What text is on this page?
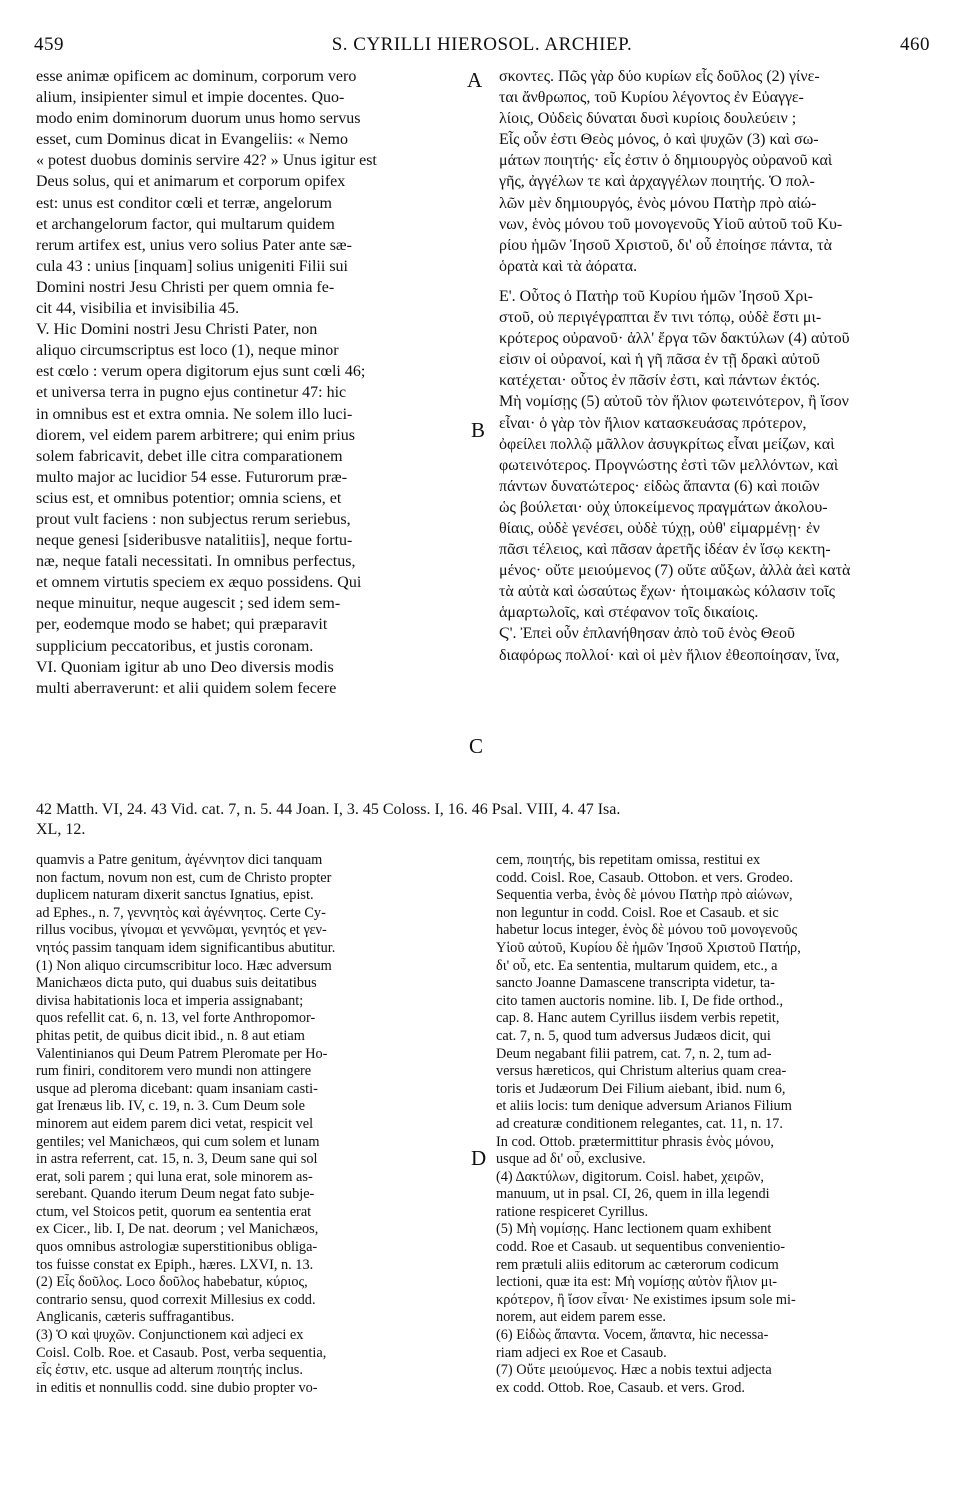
459	S. CYRILLI HIEROSOL. ARCHIEP.	460
esse animæ opificem ac dominum, corporum vero
alium, insipienter simul et impie docentes. Quo-
modo enim dominorum duorum unus homo servus
esset, cum Dominus dicat in Evangeliis: « Nemo
« potest duobus dominis servire 42? » Unus igitur est
Deus solus, qui et animarum et corporum opifex
est: unus est conditor cœli et terræ, angelorum
et archangelorum factor, qui multarum quidem
rerum artifex est, unius vero solius Pater ante sæ-
cula 43 : unius [inquam] solius unigeniti Filii sui
Domini nostri Jesu Christi per quem omnia fe-
cit 44, visibilia et invisibilia 45.
V. Hic Domini nostri Jesu Christi Pater, non
aliquo circumscriptus est loco (1), neque minor
est cœlo : verum opera digitorum ejus sunt cœli 46;
et universa terra in pugno ejus continetur 47: hic
in omnibus est et extra omnia. Ne solem illo luci-
diorem, vel eidem parem arbitrere; qui enim prius
solem fabricavit, debet ille citra comparationem
multo major ac lucidior 54 esse. Futurorum præ-
scius est, et omnibus potentior; omnia sciens, et
prout vult faciens : non subjectus rerum seriebus,
neque genesi [sideribusve natalitiis], neque fortu-
næ, neque fatali necessitati. In omnibus perfectus,
et omnem virtutis speciem ex æquo possidens. Qui
neque minuitur, neque augescit ; sed idem sem-
per, eodemque modo se habet; qui præparavit
supplicium peccatoribus, et justis coronam.
VI. Quoniam igitur ab uno Deo diversis modis
multi aberraverunt: et alii quidem solem fecere
A
B
C
D
σκοντες. Πῶς γὰρ δύο κυρίων εἷς δοῦλος (2) γίνε-
ται ἄνθρωπος, τοῦ Κυρίου λέγοντος ἐν Εὐαγγε-
λίοις, Οὐδεὶς δύναται δυσὶ κυρίοις δουλεύειν ;
Εἷς οὖν ἐστι Θεὸς μόνος, ὁ καὶ ψυχῶν (3) καὶ σω-
μάτων ποιητής· εἷς ἐστιν ὁ δημιουργὸς οὐρανοῦ καὶ
γῆς, ἀγγέλων τε καὶ ἀρχαγγέλων ποιητής. Ὁ πολ-
λῶν μὲν δημιουργός, ἑνὸς μόνου Πατὴρ πρὸ αἰώ-
νων, ἑνὸς μόνου τοῦ μονογενοῦς Υἱοῦ αὐτοῦ τοῦ Κυ-
ρίου ἡμῶν Ἰησοῦ Χριστοῦ, δι' οὗ ἐποίησε πάντα, τὰ
ὁρατὰ καὶ τὰ ἀόρατα.
Ε'. Οὗτος ὁ Πατὴρ τοῦ Κυρίου ἡμῶν Ἰησοῦ Χρι-
στοῦ, οὐ περιγέγραπται ἔν τινι τόπῳ, οὐδὲ ἔστι μι-
κρότερος οὐρανοῦ· ἀλλ' ἔργα τῶν δακτύλων (4) αὐτοῦ
εἰσιν οἱ οὐρανοί, καὶ ἡ γῆ πᾶσα ἐν τῇ δρακὶ αὐτοῦ
κατέχεται· οὗτος ἐν πᾶσίν ἐστι, καὶ πάντων ἐκτός.
Μὴ νομίσῃς (5) αὐτοῦ τὸν ἥλιον φωτεινότερον, ἢ ἴσον
εἶναι· ὁ γὰρ τὸν ἥλιον κατασκευάσας πρότερον,
ὀφείλει πολλῷ μᾶλλον ἀσυγκρίτως εἶναι μείζων, καὶ
φωτεινότερος. Προγνώστης ἐστὶ τῶν μελλόντων, καὶ
πάντων δυνατώτερος· εἰδὼς ἅπαντα (6) καὶ ποιῶν
ὡς βούλεται· οὐχ ὑποκείμενος πραγμάτων ἀκολου-
θίαις, οὐδὲ γενέσει, οὐδὲ τύχῃ, οὐθ' εἱμαρμένῃ· ἐν
πᾶσι τέλειος, καὶ πᾶσαν ἀρετῆς ἰδέαν ἐν ἴσῳ κεκτη-
μένος· οὔτε μειούμενος (7) οὔτε αὔξων, ἀλλὰ ἀεὶ κατὰ
τὰ αὐτὰ καὶ ὡσαύτως ἔχων· ἡτοιμακὼς κόλασιν τοῖς
ἁμαρτωλοῖς, καὶ στέφανον τοῖς δικαίοις.
Ϛ'. Ἐπεὶ οὖν ἐπλανήθησαν ἀπὸ τοῦ ἑνὸς Θεοῦ
διαφόρως πολλοί· καὶ οἱ μὲν ἥλιον ἐθεοποίησαν, ἵνα,
42 Matth. VI, 24. 43 Vid. cat. 7, n. 5. 44 Joan. I, 3. 45 Coloss. I, 16. 46 Psal. VIII, 4. 47 Isa.
XL, 12.
quamvis a Patre genitum, ἀγέννητον dici tanquam
non factum, novum non est, cum de Christo propter
duplicem naturam dixerit sanctus Ignatius, epist.
ad Ephes., n. 7, γεννητὸς καὶ ἀγέννητος. Certe Cy-
rillus vocibus, γίνομαι et γεννῶμαι, γενητός et γεν-
νητός passim tanquam idem significantibus abutitur.
(1) Non aliquo circumscribitur loco. Hæc adversum
Manichæos dicta puto, qui duabus suis deitatibus
divisa habitationis loca et imperia assignabant;
quos refellit cat. 6, n. 13, vel forte Anthropomor-
phitas petit, de quibus dicit ibid., n. 8 aut etiam
Valentinianos qui Deum Patrem Pleromate per Ho-
rum finiri, conditorem vero mundi non attingere
usque ad pleroma dicebant: quam insaniam casti-
gat Irenæus lib. IV, c. 19, n. 3. Cum Deum sole
minorem aut eidem parem dici vetat, respicit vel
gentiles; vel Manichæos, qui cum solem et lunam
in astra referrent, cat. 15, n. 3, Deum sane qui sol
erat, soli parem ; qui luna erat, sole minorem as-
serebant. Quando iterum Deum negat fato subje-
ctum, vel Stoicos petit, quorum ea sententia erat
ex Cicer., lib. I, De nat. deorum ; vel Manichæos,
quos omnibus astrologiæ superstitionibus obliga-
tos fuisse constat ex Epiph., hæres. LXVI, n. 13.
(2) Εἷς δοῦλος. Loco δοῦλος habebatur, κύριος,
contrario sensu, quod correxit Millesius ex codd.
Anglicanis, cæteris suffragantibus.
(3) Ὁ καὶ ψυχῶν. Conjunctionem καὶ adjeci ex
Coisl. Colb. Roe. et Casaub. Post, verba sequentia,
εἷς ἐστιν, etc. usque ad alterum ποιητής inclus.
in editis et nonnullis codd. sine dubio propter vo-
cem, ποιητής, bis repetitam omissa, restitui ex
codd. Coisl. Roe, Casaub. Ottobon. et vers. Grodeo.
Sequentia verba, ἑνὸς δὲ μόνου Πατὴρ πρὸ αἰώνων,
non leguntur in codd. Coisl. Roe et Casaub. et sic
habetur locus integer, ἑνὸς δὲ μόνου τοῦ μονογενοῦς
Υἱοῦ αὐτοῦ, Κυρίου δὲ ἡμῶν Ἰησοῦ Χριστοῦ Πατήρ,
δι' οὗ, etc. Ea sententia, multarum quidem, etc., a
sancto Joanne Damascene transcripta videtur, ta-
cito tamen auctoris nomine. lib. I, De fide orthod.,
cap. 8. Hanc autem Cyrillus iisdem verbis repetit,
cat. 7, n. 5, quod tum adversus Judæos dicit, qui
Deum negabant filii patrem, cat. 7, n. 2, tum ad-
versus hæreticos, qui Christum alterius quam crea-
toris et Judæorum Dei Filium aiebant, ibid. num 6,
et aliis locis: tum denique adversum Arianos Filium
ad creaturæ conditionem relegantes, cat. 11, n. 17.
In cod. Ottob. prætermittitur phrasis ἑνὸς μόνου,
usque ad δι' οὗ, exclusive.
(4) Δακτύλων, digitorum. Coisl. habet, χειρῶν,
manuum, ut in psal. CI, 26, quem in illa legendi
ratione respiceret Cyrillus.
(5) Μὴ νομίσῃς. Hanc lectionem quam exhibent
codd. Roe et Casaub. ut sequentibus convenientio-
rem prætuli aliis editorum ac cæterorum codicum
lectioni, quæ ita est: Μὴ νομίσῃς αὐτὸν ἥλιον μι-
κρότερον, ἢ ἴσον εἶναι· Ne existimes ipsum sole mi-
norem, aut eidem parem esse.
(6) Εἰδὼς ἅπαντα. Vocem, ἅπαντα, hic necessa-
riam adjeci ex Roe et Casaub.
(7) Οὔτε μειούμενος. Hæc a nobis textui adjecta
ex codd. Ottob. Roe, Casaub. et vers. Grod.
